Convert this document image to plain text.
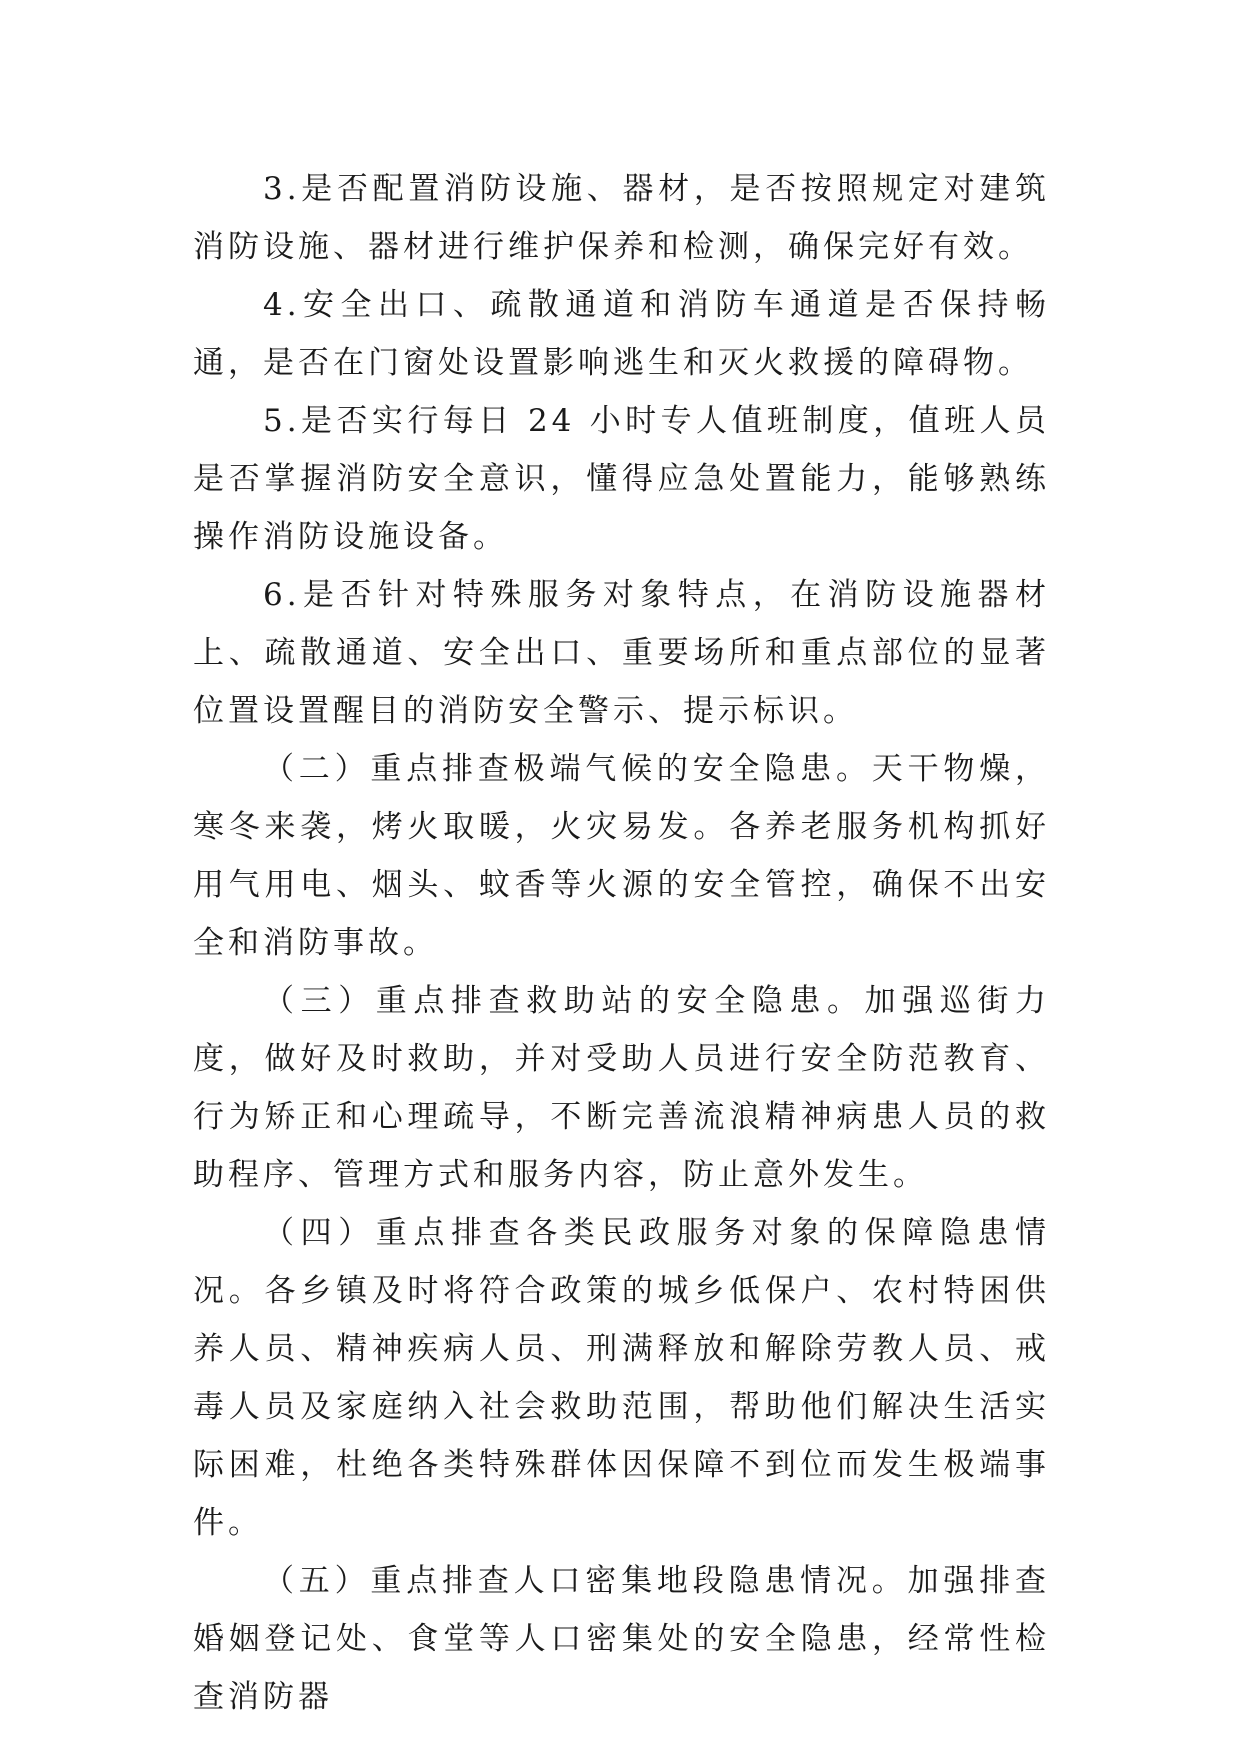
3.是否配置消防设施、器材，是否按照规定对建筑消防设施、器材进行维护保养和检测，确保完好有效。

4.安全出口、疏散通道和消防车通道是否保持畅通，是否在门窗处设置影响逃生和灭火救援的障碍物。

5.是否实行每日 24 小时专人值班制度，值班人员是否掌握消防安全意识，懂得应急处置能力，能够熟练操作消防设施设备。

6.是否针对特殊服务对象特点，在消防设施器材上、疏散通道、安全出口、重要场所和重点部位的显著位置设置醒目的消防安全警示、提示标识。

（二）重点排查极端气候的安全隐患。天干物燥，寒冬来袭，烤火取暖，火灾易发。各养老服务机构抓好用气用电、烟头、蚊香等火源的安全管控，确保不出安全和消防事故。

（三）重点排查救助站的安全隐患。加强巡街力度，做好及时救助，并对受助人员进行安全防范教育、行为矫正和心理疏导，不断完善流浪精神病患人员的救助程序、管理方式和服务内容，防止意外发生。

（四）重点排查各类民政服务对象的保障隐患情况。各乡镇及时将符合政策的城乡低保户、农村特困供养人员、精神疾病人员、刑满释放和解除劳教人员、戒毒人员及家庭纳入社会救助范围，帮助他们解决生活实际困难，杜绝各类特殊群体因保障不到位而发生极端事件。

（五）重点排查人口密集地段隐患情况。加强排查婚姻登记处、食堂等人口密集处的安全隐患，经常性检查消防器
